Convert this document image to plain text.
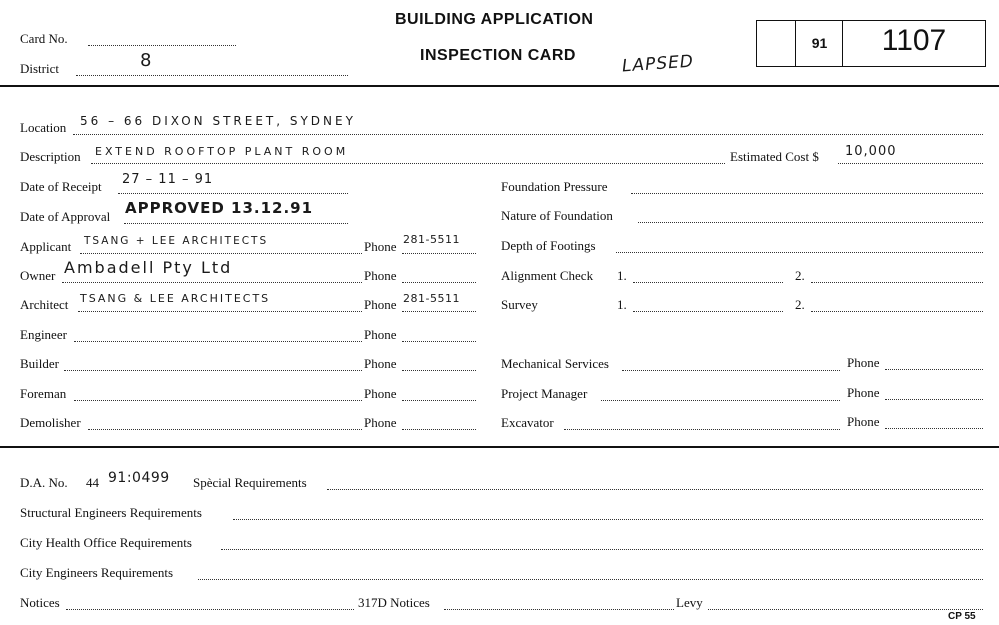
Card No.
District	8
BUILDING APPLICATION
INSPECTION CARD	LAPSED
91	1107
Location 56 – 66 DIXON STREET, SYDNEY
Description EXTEND ROOFTOP PLANT ROOM	Estimated Cost $ 10,000
Date of Receipt 27 – 11 – 91
Date of Approval APPROVED 13.12.91
Applicant TSANG + LEE ARCHITECTS	Phone 281-5511
Owner Ambadell Pty Ltd	Phone
Architect TSANG & LEE ARCHITECTS	Phone 281-5511
Engineer	Phone
Builder	Phone
Foreman	Phone
Demolisher	Phone
Foundation Pressure
Nature of Foundation
Depth of Footings
Alignment Check 1.	2.
Survey	1.	2.
Mechanical Services	Phone
Project Manager	Phone
Excavator	Phone
D.A. No. 44 91:0499 Spècial Requirements
Structural Engineers Requirements
City Health Office Requirements
City Engineers Requirements
Notices	317D Notices	Levy
CP 55
